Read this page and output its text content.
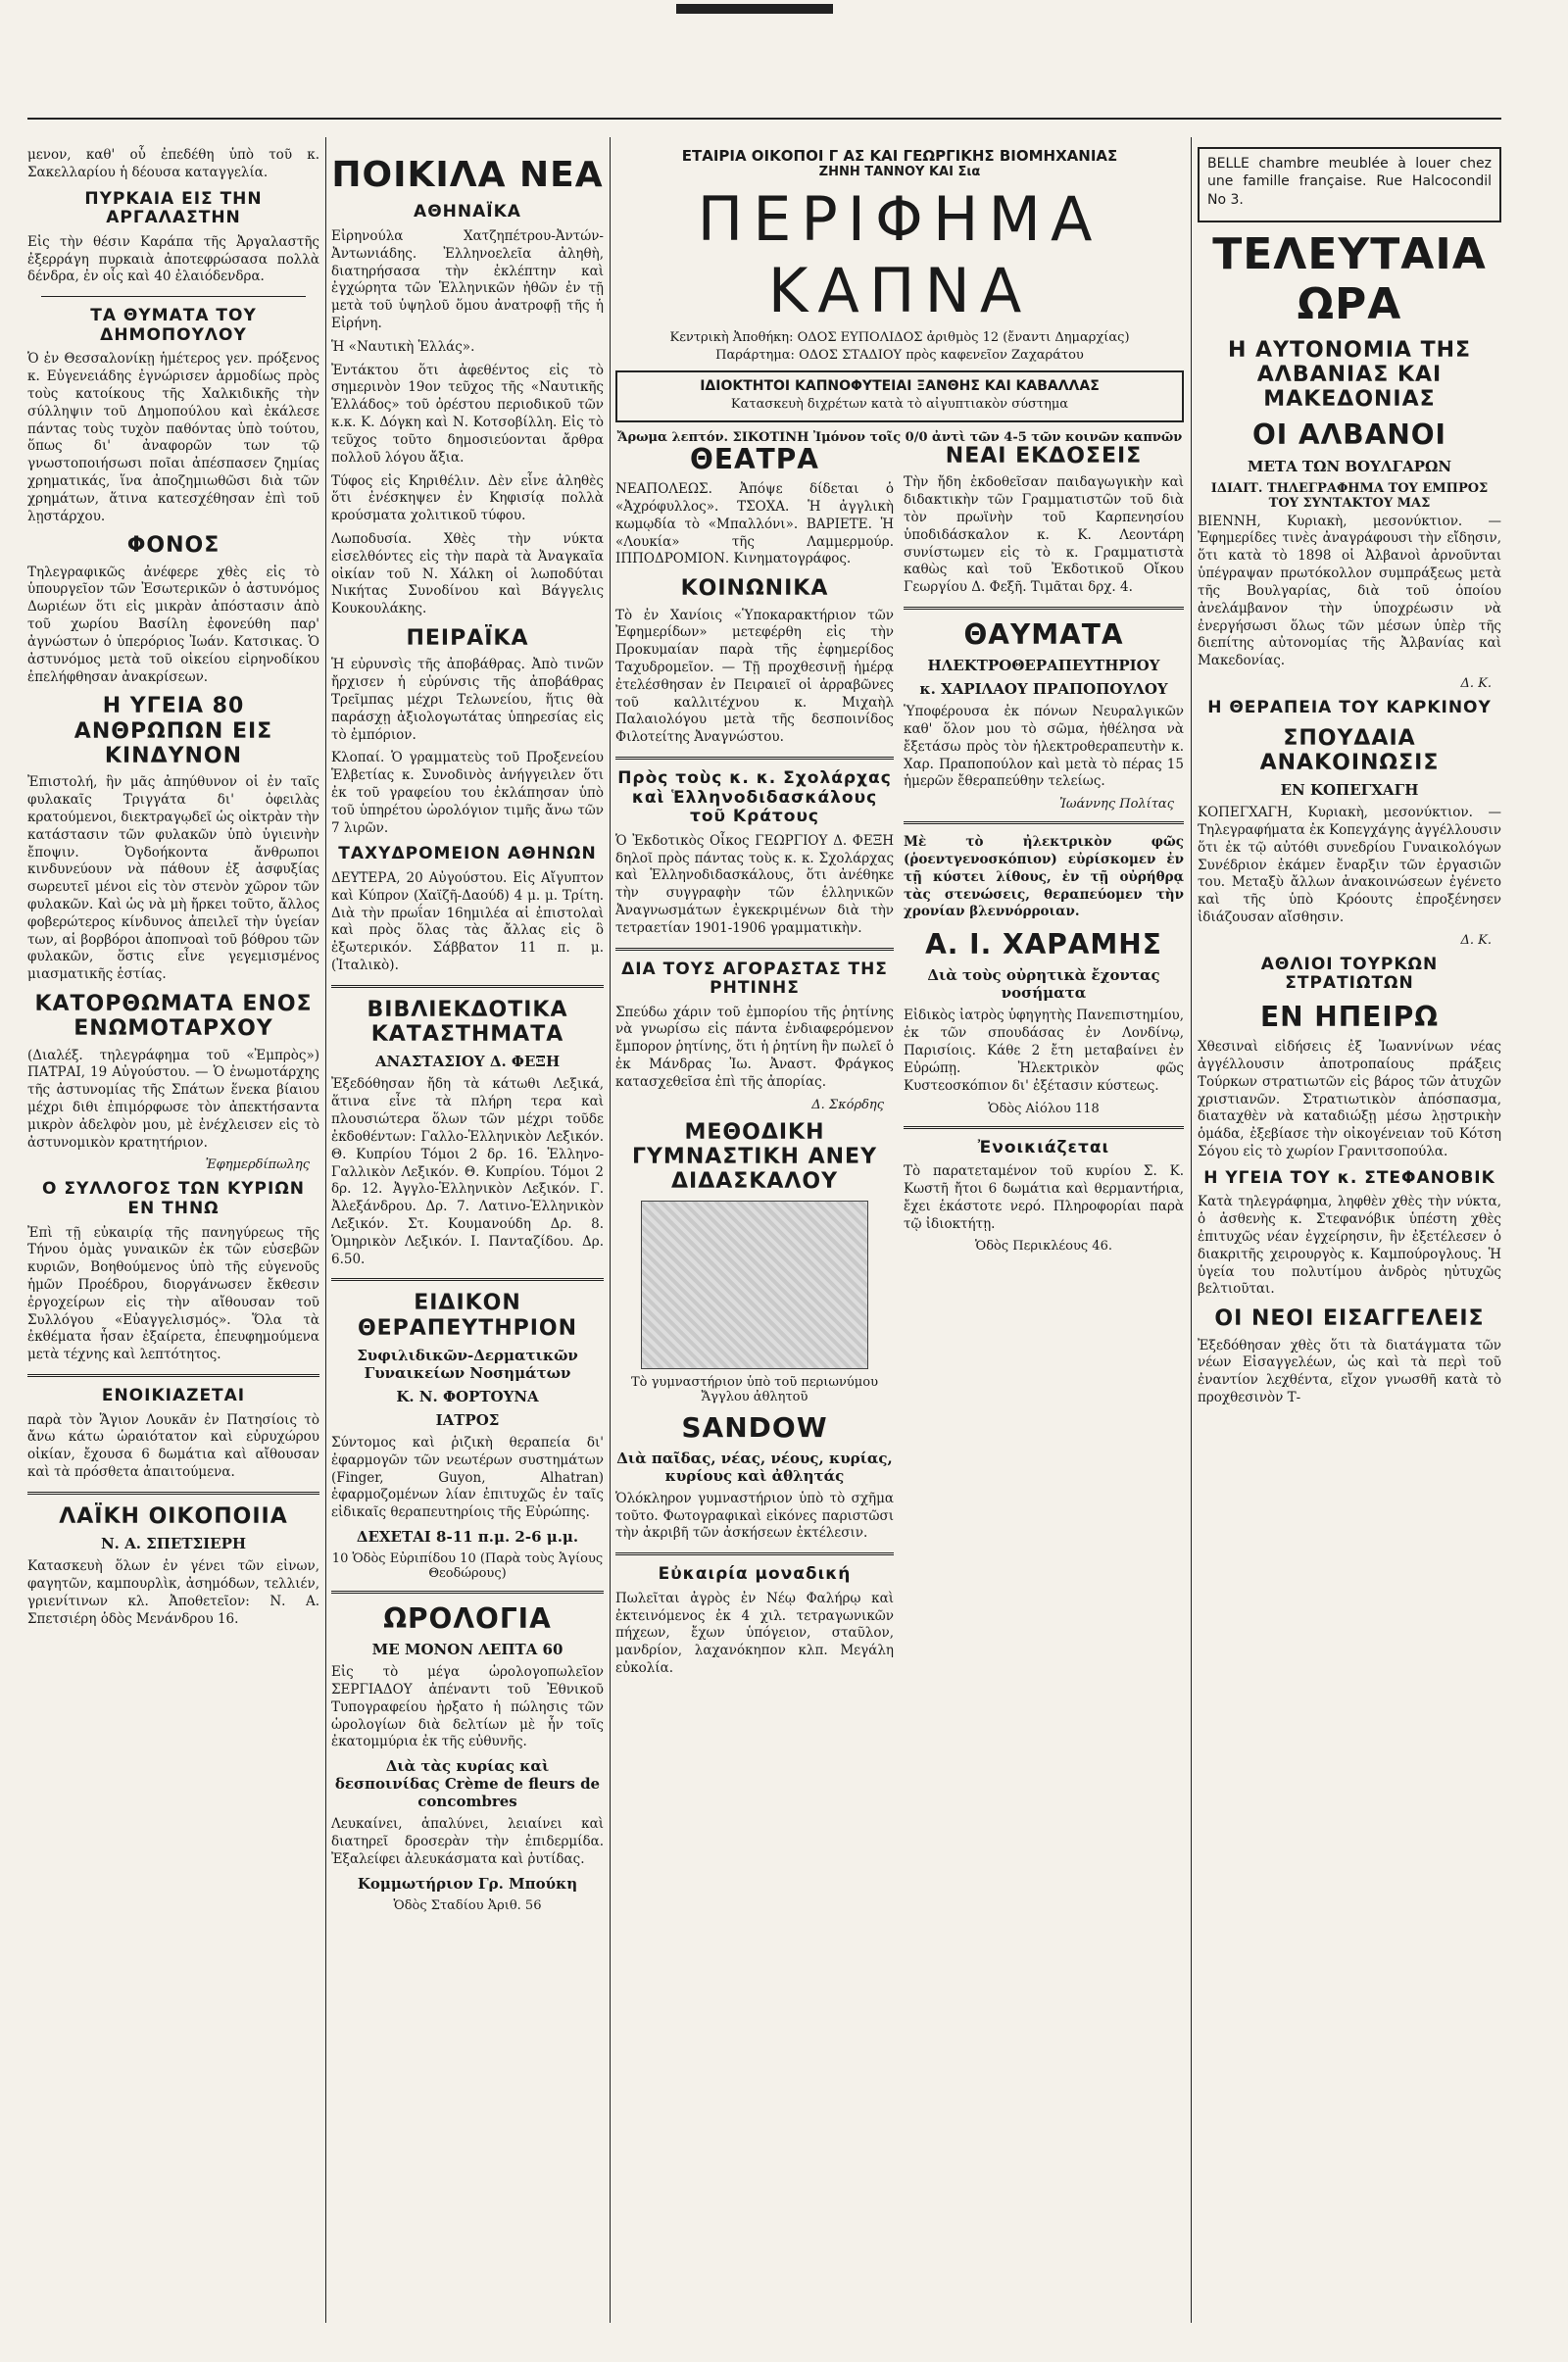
μενον, καθ' οὗ ἐπεδέθη ὑπὸ τοῦ κ. Σακελλαρίου ἡ δέουσα καταγγελία.

ΠΥΡΚΑΙΑ ΕΙΣ ΤΗΝ ΑΡΓΑΛΑΣΤΗΝ

Εἰς τὴν θέσιν Καράπα τῆς Ἀργαλαστῆς ἐξερράγη πυρκαιὰ ἀποτεφρώσασα πολλὰ δένδρα, ἐν οἷς καὶ 40 ἐλαιόδενδρα.

ΤΑ ΘΥΜΑΤΑ ΤΟΥ ΔΗΜΟΠΟΥΛΟΥ

Ὁ ἐν Θεσσαλονίκῃ ἡμέτερος γεν. πρόξενος κ. Εὐγενειάδης ἐγνώρισεν ἁρμοδίως πρὸς τοὺς κατοίκους τῆς Χαλκιδικῆς τὴν σύλληψιν τοῦ Δημοπούλου καὶ ἐκάλεσε πάντας τοὺς τυχὸν παθόντας ὑπὸ τούτου, ὅπως δι' ἀναφορῶν των τῷ γνωστοποιήσωσι ποῖαι ἀπέσπασεν ζημίας χρηματικάς, ἵνα ἀποζημιωθῶσι διὰ τῶν χρημάτων, ἅτινα κατεσχέθησαν ἐπὶ τοῦ λῃστάρχου.

ΦΟΝΟΣ

Τηλεγραφικῶς ἀνέφερε χθὲς εἰς τὸ ὑπουργεῖον τῶν Ἐσωτερικῶν ὁ ἀστυνόμος Δωριέων ὅτι εἰς μικρὰν ἀπόστασιν ἀπὸ τοῦ χωρίου Βασίλη ἐφονεύθη παρ' ἀγνώστων ὁ ὑπερόριος Ἰωάν. Κατσικας. Ὁ ἀστυνόμος μετὰ τοῦ οἰκείου εἰρηνοδίκου ἐπελήφθησαν ἀνακρίσεων.

Η ΥΓΕΙΑ 80 ΑΝΘΡΩΠΩΝ ΕΙΣ ΚΙΝΔΥΝΟΝ

Ἐπιστολή, ἣν μᾶς ἀπηύθυνον οἱ ἐν ταῖς φυλακαῖς Τριγγάτα δι' ὀφειλὰς κρατούμενοι, διεκτραγῳδεῖ ὡς οἰκτρὰν τὴν κατάστασιν τῶν φυλακῶν ὑπὸ ὑγιεινὴν ἔποψιν. Ὀγδοήκοντα ἄνθρωποι κινδυνεύουν νὰ πάθουν ἐξ ἀσφυξίας σωρευτεῖ μένοι εἰς τὸν στενὸν χῶρον τῶν φυλακῶν. Καὶ ὡς νὰ μὴ ἤρκει τοῦτο, ἄλλος φοβερώτερος κίνδυνος ἀπειλεῖ τὴν ὑγείαν των, αἱ βορβόροι ἀποπνοαὶ τοῦ βόθρου τῶν φυλακῶν, ὅστις εἶνε γεγεμισμένος μιασματικῆς ἑστίας.

ΚΑΤΟΡΘΩΜΑΤΑ ΕΝΟΣ ΕΝΩΜΟΤΑΡΧΟΥ

(Διαλέξ. τηλεγράφημα τοῦ «Ἐμπρὸς») ΠΑΤΡΑΙ, 19 Αὐγούστου. — Ὁ ἐνωμοτάρχης τῆς ἀστυνομίας τῆς Σπάτων ἕνεκα βίαιου μέχρι διθι ἐπιμόρφωσε τὸν ἀπεκτήσαντα μικρὸν ἀδελφὸν μου, μὲ ἐνέχλεισεν εἰς τὸ ἀστυνομικὸν κρατητήριον.

Ἐφημερδίπωλης
Ο ΣΥΛΛΟΓΟΣ ΤΩΝ ΚΥΡΙΩΝ ΕΝ ΤΗΝΩ

Ἐπὶ τῇ εὐκαιρίᾳ τῆς πανηγύρεως τῆς Τήνου ὁμὰς γυναικῶν ἐκ τῶν εὐσεβῶν κυριῶν, Βοηθούμενος ὑπὸ τῆς εὐγενοῦς ἡμῶν Προέδρου, διοργάνωσεν ἔκθεσιν ἐργοχείρων εἰς τὴν αἴθουσαν τοῦ Συλλόγου «Εὐαγγελισμός». Ὅλα τὰ ἐκθέματα ἦσαν ἐξαίρετα, ἐπευφημούμενα μετὰ τέχνης καὶ λεπτότητος.

ΕΝΟΙΚΙΑΖΕΤΑΙ

παρὰ τὸν Ἅγιον Λουκᾶν ἐν Πατησίοις τὸ ἄνω κάτω ὡραιότατον καὶ εὐρυχώρου οἰκίαν, ἔχουσα 6 δωμάτια καὶ αἴθουσαν καὶ τὰ πρόσθετα ἀπαιτούμενα.

ΛΑΪΚΗ ΟΙΚΟΠΟΙΙΑ
Ν. Α. ΣΠΕΤΣΙΕΡΗ

Κατασκευὴ ὅλων ἐν γένει τῶν εἰνων, φαγητῶν, καμπουρλὶκ, ἀσημόδων, τελλιέν, γριενίτινων κλ. Ἀποθετεῖον: Ν. Α. Σπετσιέρη ὁδὸς Μενάνδρου 16.

ΠΟΙΚΙΛΑ ΝΕΑ
ΑΘΗΝΑΪΚΑ

Εἰρηνούλα Χατζηπέτρου-Ἀντών-Ἀντωνιάδης. Ἐλληνοελεῖα ἀληθὴ, διατηρήσασα τὴν ἐκλέπτην καὶ ἐγχώρητα τῶν Ἑλληνικῶν ἠθῶν ἐν τῇ μετὰ τοῦ ὑψηλοῦ ὅμου ἀνατροφῇ τῆς ἡ Εἰρήνη.

Ἡ «Ναυτικὴ Ἑλλάς».

Ἐντάκτου ὅτι ἀφεθέντος εἰς τὸ σημερινὸν 19ον τεῦχος τῆς «Ναυτικῆς Ἑλλάδος» τοῦ ὀρέστου περιοδικοῦ τῶν κ.κ. Κ. Δόγκη καὶ Ν. Κοτσοβίλλη. Εἰς τὸ τεῦχος τοῦτο δημοσιεύονται ἄρθρα πολλοῦ λόγου ἄξια.

Τύφος εἰς Κηριθέλιν. Δὲν εἶνε ἀληθὲς ὅτι ἐνέσκηψεν ἐν Κηφισίᾳ πολλὰ κρούσματα χολιτικοῦ τύφου.

Λωποδυσία. Χθὲς τὴν νύκτα εἰσελθόντες εἰς τὴν παρὰ τὰ Ἀναγκαῖα οἰκίαν τοῦ Ν. Χάλκη οἱ λωποδύται Νικήτας Συνοδίνου καὶ Βάγγελις Κουκουλάκης.

ΠΕΙΡΑΪΚΑ

Ἡ εὐρυνσὶς τῆς ἀποβάθρας. Ἀπὸ τινῶν ἤρχισεν ἡ εὐρύνσις τῆς ἀποβάθρας Τρεῖμπας μέχρι Τελωνείου, ἥτις θὰ παράσχῃ ἀξιολογωτάτας ὑπηρεσίας εἰς τὸ ἐμπόριον.

Κλοπαί. Ὁ γραμματεὺς τοῦ Προξενείου Ἑλβετίας κ. Συνοδινὸς ἀνήγγειλεν ὅτι ἐκ τοῦ γραφείου του ἐκλάπησαν ὑπὸ τοῦ ὑπηρέτου ὠρολόγιον τιμῆς ἄνω τῶν 7 λιρῶν.

ΤΑΧΥΔΡΟΜΕΙΟΝ ΑΘΗΝΩΝ

ΔΕΥΤΕΡΑ, 20 Αὐγούστου. Εἰς Αἴγυπτον καὶ Κύπρον (Χαϊζῆ-Δαούδ) 4 μ. μ. Τρίτη. Διὰ τὴν πρωΐαν 16ημιλέα αἱ ἐπιστολαὶ καὶ πρὸς ὅλας τὰς ἄλλας εἰς ὃ ἐξωτερικόν. Σάββατον 11 π. μ. (Ἰταλικὸ).

ΒΙΒΛΙΕΚΔΟΤΙΚΑ ΚΑΤΑΣΤΗΜΑΤΑ
ΑΝΑΣΤΑΣΙΟΥ Δ. ΦΕΞΗ

Ἐξεδόθησαν ἤδη τὰ κάτωθι Λεξικά, ἅτινα εἶνε τὰ πλήρη τερα καὶ πλουσιώτερα ὅλων τῶν μέχρι τοῦδε ἐκδοθέντων: Γαλλο-Ἑλληνικὸν Λεξικόν. Θ. Κυπρίου Τόμοι 2 δρ. 16. Ἑλληνο-Γαλλικὸν Λεξικόν. Θ. Κυπρίου. Τόμοι 2 δρ. 12. Ἀγγλο-Ἑλληνικὸν Λεξικόν. Γ. Ἀλεξάνδρου. Δρ. 7. Λατινο-Ἑλληνικὸν Λεξικόν. Στ. Κουμανούδη Δρ. 8. Ὁμηρικὸν Λεξικόν. Ι. Πανταζίδου. Δρ. 6.50.

ΕΙΔΙΚΟΝ ΘΕΡΑΠΕΥΤΗΡΙΟΝ
Συφιλιδικῶν-Δερματικῶν Γυναικείων Νοσημάτων
Κ. Ν. ΦΟΡΤΟΥΝΑ
ΙΑΤΡΟΣ

Σύντομος καὶ ῥιζικὴ θεραπεία δι' ἐφαρμογῶν τῶν νεωτέρων συστημάτων (Finger, Guyon, Alhatran) ἐφαρμοζομένων λίαν ἐπιτυχῶς ἐν ταῖς εἰδικαῖς θεραπευτηρίοις τῆς Εὐρώπης.

ΔΕΧΕΤΑΙ 8-11 π.μ. 2-6 μ.μ.
10 Ὁδὸς Εὐριπίδου 10 (Παρὰ τοὺς Ἁγίους Θεοδώρους)
ΩΡΟΛΟΓΙΑ
ΜΕ ΜΟΝΟΝ ΛΕΠΤΑ 60

Εἰς τὸ μέγα ὡρολογοπωλεῖον ΣΕΡΓΙΑΔΟΥ ἀπέναντι τοῦ Ἐθνικοῦ Τυπογραφείου ἠρξατο ἡ πώλησις τῶν ὡρολογίων διὰ δελτίων μὲ ἧν τοῖς ἐκατομμύρια ἐκ τῆς εὐθυνῆς.

Διὰ τὰς κυρίας καὶ δεσποινίδας Crème de fleurs de concombres

Λευκαίνει, ἁπαλύνει, λειαίνει καὶ διατηρεῖ δροσερὰν τὴν ἐπιδερμίδα. Ἐξαλείφει ἀλευκάσματα καὶ ῥυτίδας.

Κομμωτήριον Γρ. Μπούκη
Ὁδὸς Σταδίου Ἀριθ. 56
ΕΤΑΙΡΙΑ ΟΙΚΟΠΟΙ Γ ΑΣ ΚΑΙ ΓΕΩΡΓΙΚΗΣ ΒΙΟΜΗΧΑΝΙΑΣ
ΖΗΝΗ ΤΑΝΝΟΥ ΚΑΙ Σια
ΠΕΡΙΦΗΜΑ ΚΑΠΝΑ
Κεντρικὴ Ἀποθήκη: ΟΔΟΣ ΕΥΠΟΛΙΔΟΣ ἀριθμὸς 12 (ἔναντι Δημαρχίας)
Παράρτημα: ΟΔΟΣ ΣΤΑΔΙΟΥ πρὸς καφενεῖον Ζαχαράτου
ΙΔΙΟΚΤΗΤΟΙ ΚΑΠΝΟΦΥΤΕΙΑΙ ΞΑΝΘΗΣ ΚΑΙ ΚΑΒΑΛΛΑΣ
Κατασκευὴ διχρέτων κατὰ τὸ αἰγυπτιακὸν σύστημα
Ἄρωμα λεπτόν. ΣΙΚΟΤΙΝΗ Ἰμόνον τοῖς 0/0 ἀντὶ τῶν 4-5 τῶν κοινῶν καπνῶν
ΘΕΑΤΡΑ

ΝΕΑΠΟΛΕΩΣ. Ἀπόψε δίδεται ὁ «Ἀχρόφυλλος». ΤΣΟΧΑ. Ἡ ἀγγλικὴ κωμῳδία τὸ «Μπαλλόνι». ΒΑΡΙΕΤΕ. Ἡ «Λουκία» τῆς Λαμμερμούρ. ΙΠΠΟΔΡΟΜΙΟΝ. Κινηματογράφος.

ΚΟΙΝΩΝΙΚΑ

Τὸ ἐν Χανίοις «Ὑποκαρακτήριον τῶν Ἐφημερίδων» μετεφέρθη εἰς τὴν Προκυμαίαν παρὰ τῆς ἐφημερίδος Ταχυδρομεῖον. — Τῇ προχθεσινῇ ἡμέρᾳ ἐτελέσθησαν ἐν Πειραιεῖ οἱ ἀρραβῶνες τοῦ καλλιτέχνου κ. Μιχαὴλ Παλαιολόγου μετὰ τῆς δεσποινίδος Φιλοτείτης Ἀναγνώστου.

Πρὸς τοὺς κ. κ. Σχολάρχας καὶ Ἑλληνοδιδασκάλους τοῦ Κράτους

Ὁ Ἐκδοτικὸς Οἶκος ΓΕΩΡΓΙΟΥ Δ. ΦΕΞΗ δηλοῖ πρὸς πάντας τοὺς κ. κ. Σχολάρχας καὶ Ἑλληνοδιδασκάλους, ὅτι ἀνέθηκε τὴν συγγραφὴν τῶν ἑλληνικῶν Ἀναγνωσμάτων ἐγκεκριμένων διὰ τὴν τετραετίαν 1901-1906 γραμματικὴν.

ΔΙΑ ΤΟΥΣ ΑΓΟΡΑΣΤΑΣ ΤΗΣ ΡΗΤΙΝΗΣ

Σπεύδω χάριν τοῦ ἐμπορίου τῆς ῥητίνης νὰ γνωρίσω εἰς πάντα ἐνδιαφερόμενον ἔμπορον ῥητίνης, ὅτι ἡ ῥητίνη ἣν πωλεῖ ὁ ἐκ Μάνδρας Ἰω. Ἀναστ. Φράγκος κατασχεθεῖσα ἐπὶ τῆς ἀπορίας.

Δ. Σκόρδης
ΜΕΘΟΔΙΚΗ ΓΥΜΝΑΣΤΙΚΗ ΑΝΕΥ ΔΙΔΑΣΚΑΛΟΥ
Τὸ γυμναστήριον ὑπὸ τοῦ περιωνύμου Ἄγγλου ἀθλητοῦ
SANDOW
Διὰ παῖδας, νέας, νέους, κυρίας, κυρίους καὶ ἀθλητάς

Ὁλόκληρον γυμναστήριον ὑπὸ τὸ σχῆμα τοῦτο. Φωτογραφικαὶ εἰκόνες παριστῶσι τὴν ἀκριβῆ τῶν ἀσκήσεων ἐκτέλεσιν.

Εὐκαιρία μοναδική

Πωλεῖται ἀγρὸς ἐν Νέῳ Φαλήρῳ καὶ ἐκτεινόμενος ἐκ 4 χιλ. τετραγωνικῶν πήχεων, ἔχων ὑπόγειον, σταῦλον, μανδρίον, λαχανόκηπον κλπ. Μεγάλη εὐκολία.

ΝΕΑΙ ΕΚΔΟΣΕΙΣ

Τὴν ἤδη ἐκδοθεῖσαν παιδαγωγικὴν καὶ διδακτικὴν τῶν Γραμματιστῶν τοῦ διὰ τὸν πρωϊνὴν τοῦ Καρπενησίου ὑποδιδάσκαλον κ. Κ. Λεοντάρη συνίστωμεν εἰς τὸ κ. Γραμματιστὰ καθὼς καὶ τοῦ Ἐκδοτικοῦ Οἴκου Γεωργίου Δ. Φεξῆ. Τιμᾶται δρχ. 4.

ΘΑΥΜΑΤΑ
ΗΛΕΚΤΡΟΘΕΡΑΠΕΥΤΗΡΙΟΥ
κ. ΧΑΡΙΛΑΟΥ ΠΡΑΠΟΠΟΥΛΟΥ

Ὑποφέρουσα ἐκ πόνων Νευραλγικῶν καθ' ὅλον μου τὸ σῶμα, ἠθέλησα νὰ ἔξετάσω πρὸς τὸν ἡλεκτροθεραπευτὴν κ. Χαρ. Πραποπούλον καὶ μετὰ τὸ πέρας 15 ἡμερῶν ἔθεραπεύθην τελείως.

Ἰωάννης Πολίτας

Μὲ τὸ ἠλεκτρικὸν φῶς (ῥοεντγενοσκόπιον) εὐρίσκομεν ἐν τῇ κύστει λίθους, ἐν τῇ οὐρήθρᾳ τὰς στενώσεις, θεραπεύομεν τὴν χρονίαν βλεννόρροιαν.

Α. Ι. ΧΑΡΑΜΗΣ
Διὰ τοὺς οὐρητικὰ ἔχοντας νοσήματα

Εἰδικὸς ἰατρὸς ὑφηγητὴς Πανεπιστημίου, ἐκ τῶν σπουδάσας ἐν Λονδίνῳ, Παρισίοις. Κάθε 2 ἔτη μεταβαίνει ἐν Εὐρώπῃ. Ἠλεκτρικὸν φῶς Κυστεοσκόπιον δι' ἐξέτασιν κύστεως.

Ὁδὸς Αἰόλου 118
Ἐνοικιάζεται

Τὸ παρατεταμένον τοῦ κυρίου Σ. Κ. Κωστῆ ἤτοι 6 δωμάτια καὶ θερμαντήρια, ἔχει ἑκάστοτε νερό. Πληροφορίαι παρὰ τῷ ἰδιοκτήτῃ.

Ὁδὸς Περικλέους 46.

BELLE chambre meublée à louer chez une famille française. Rue Halcocondil No 3.

ΤΕΛΕΥΤΑΙΑ ΩΡΑ
Η ΑΥΤΟΝΟΜΙΑ ΤΗΣ ΑΛΒΑΝΙΑΣ ΚΑΙ ΜΑΚΕΔΟΝΙΑΣ
ΟΙ ΑΛΒΑΝΟΙ
ΜΕΤΑ ΤΩΝ ΒΟΥΛΓΑΡΩΝ
ΙΔΙΑΙΤ. ΤΗΛΕΓΡΑΦΗΜΑ ΤΟΥ ΕΜΠΡΟΣ ΤΟΥ ΣΥΝΤΑΚΤΟΥ ΜΑΣ

ΒΙΕΝΝΗ, Κυριακὴ, μεσονύκτιον. — Ἐφημερίδες τινὲς ἀναγράφουσι τὴν εἴδησιν, ὅτι κατὰ τὸ 1898 οἱ Ἀλβανοὶ ἀρνοῦνται ὑπέγραψαν πρωτόκολλον συμπράξεως μετὰ τῆς Βουλγαρίας, διὰ τοῦ ὁποίου ἀνελάμβανον τὴν ὑποχρέωσιν νὰ ἐνεργήσωσι ὅλως τῶν μέσων ὑπὲρ τῆς διεπίτης αὐτονομίας τῆς Ἀλβανίας καὶ Μακεδονίας.

Δ. Κ.
Η ΘΕΡΑΠΕΙΑ ΤΟΥ ΚΑΡΚΙΝΟΥ
ΣΠΟΥΔΑΙΑ ΑΝΑΚΟΙΝΩΣΙΣ
ΕΝ ΚΟΠΕΓΧΑΓΗ

ΚΟΠΕΓΧΑΓΗ, Κυριακὴ, μεσονύκτιον. — Τηλεγραφήματα ἐκ Κοπεγχάγης ἀγγέλλουσιν ὅτι ἐκ τῷ αὐτόθι συνεδρίου Γυναικολόγων Συνέδριον ἐκάμεν ἔναρξιν τῶν ἐργασιῶν του. Μεταξὺ ἄλλων ἀνακοινώσεων ἐγένετο καὶ τῆς ὑπὸ Κρόουτς ἐπροξένησεν ἰδιάζουσαν αἴσθησιν.

Δ. Κ.
ΑΘΛΙΟΙ ΤΟΥΡΚΩΝ ΣΤΡΑΤΙΩΤΩΝ
ΕΝ ΗΠΕΙΡΩ

Χθεσιναὶ εἰδήσεις ἐξ Ἰωαννίνων νέας ἀγγέλλουσιν ἀποτροπαίους πράξεις Τούρκων στρατιωτῶν εἰς βάρος τῶν ἀτυχῶν χριστιανῶν. Στρατιωτικὸν ἀπόσπασμα, διαταχθὲν νὰ καταδιώξῃ μέσω λῃστρικὴν ὁμάδα, ἐξεβίασε τὴν οἰκογένειαν τοῦ Κότση Σόγου εἰς τὸ χωρίον Γρανιτσοπούλα.

Η ΥΓΕΙΑ ΤΟΥ κ. ΣΤΕΦΑΝΟΒΙΚ

Κατὰ τηλεγράφημα, ληφθὲν χθὲς τὴν νύκτα, ὁ ἀσθενὴς κ. Στεφανόβικ ὑπέστη χθὲς ἐπιτυχῶς νέαν ἐγχείρησιν, ἣν ἐξετέλεσεν ὁ διακριτῆς χειρουργὸς κ. Καμπούρογλους. Ἡ ὑγεία του πολυτίμου ἀνδρὸς ηὐτυχῶς βελτιοῦται.

ΟΙ ΝΕΟΙ ΕΙΣΑΓΓΕΛΕΙΣ

Ἐξεδόθησαν χθὲς ὅτι τὰ διατάγματα τῶν νέων Εἰσαγγελέων, ὡς καὶ τὰ περὶ τοῦ ἐναντίον λεχθέντα, εἴχον γνωσθῆ κατὰ τὸ προχθεσινὸν Τ-
